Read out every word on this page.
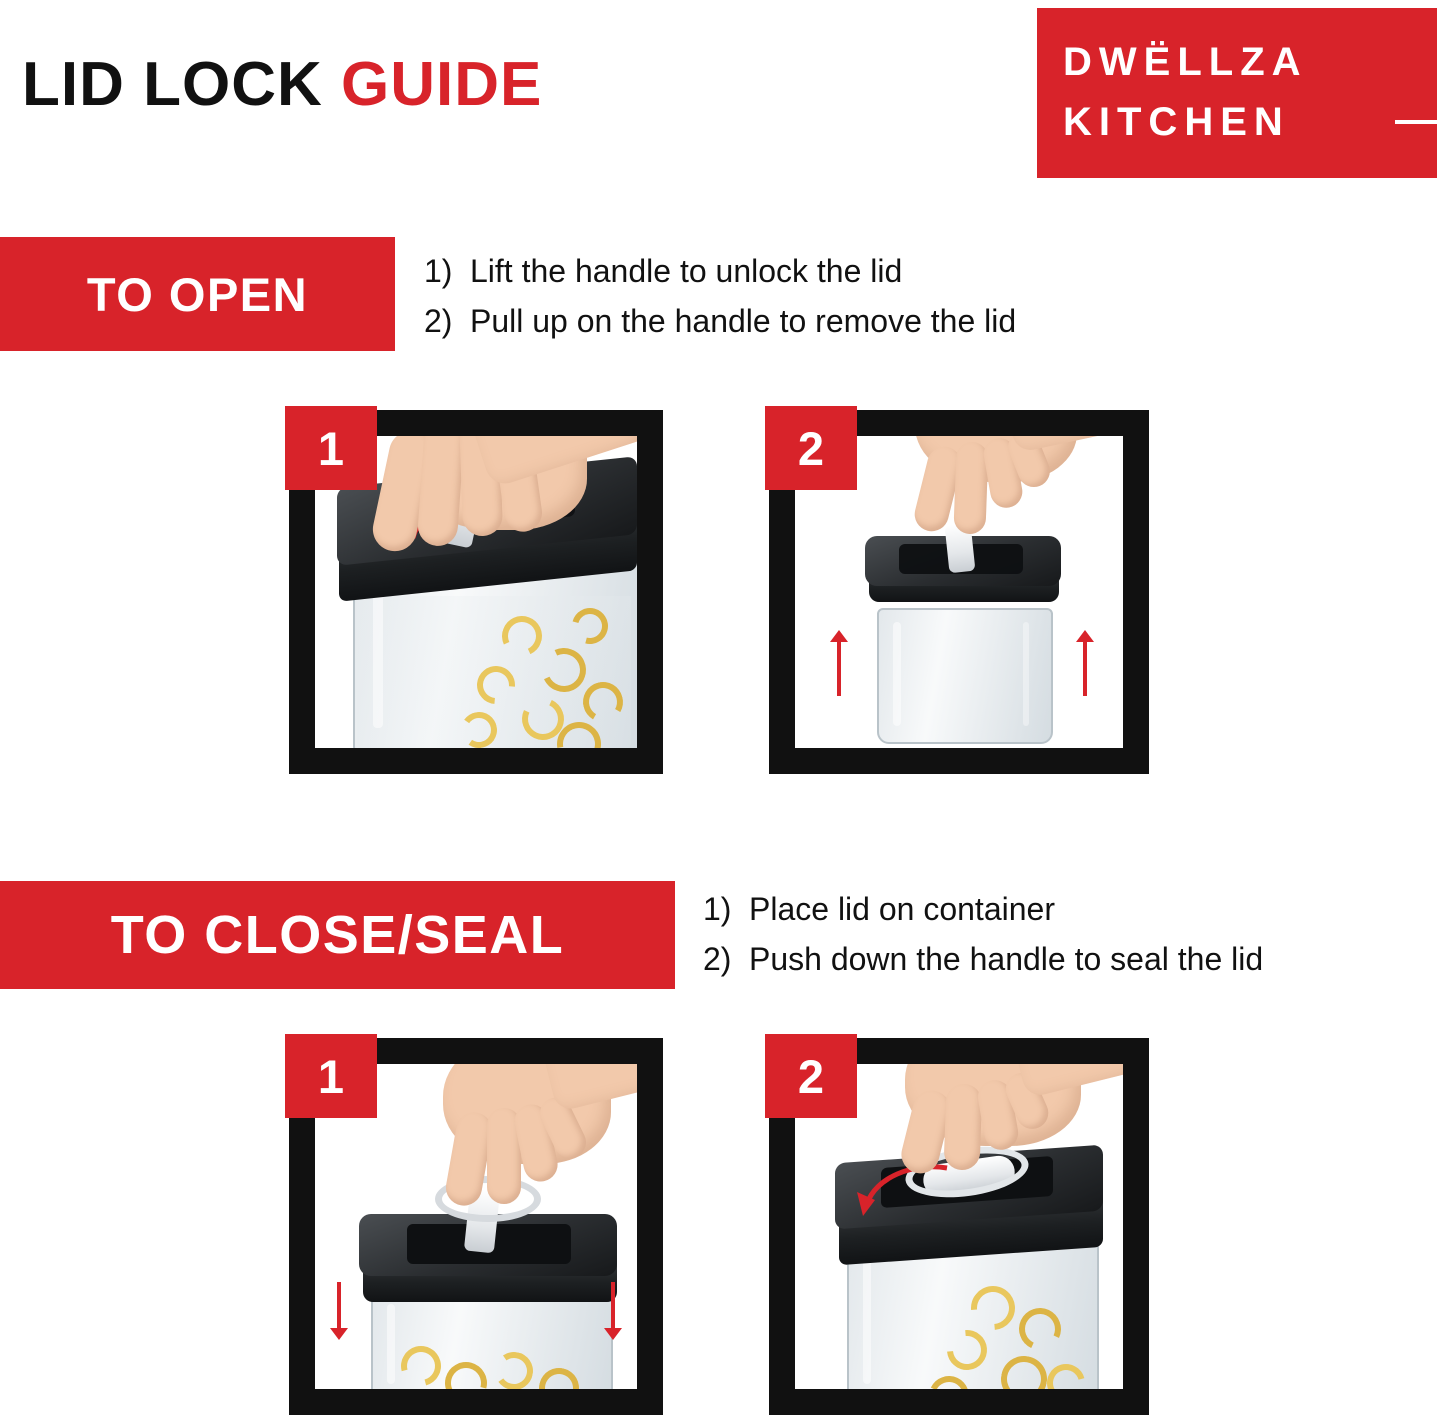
LID LOCK GUIDE	DWËLLZA
KITCHEN
TO OPEN	1) Lift the handle to unlock the lid
2) Pull up on the handle to remove the lid
1	2
TO CLOSE/SEAL	1) Place lid on container
2) Push down the handle to seal the lid
1	2
